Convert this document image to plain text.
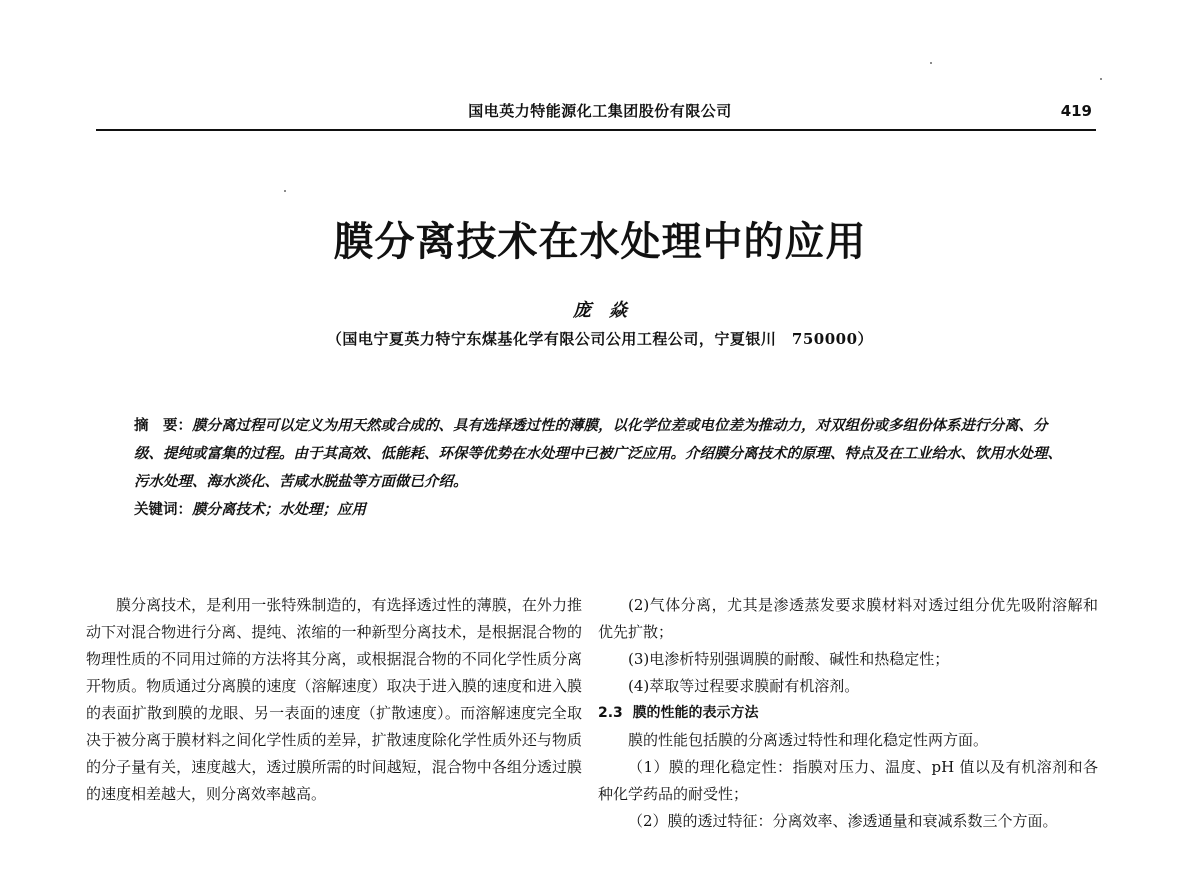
国电英力特能源化工集团股份有限公司	419
膜分离技术在水处理中的应用
庞　焱
（国电宁夏英力特宁东煤基化学有限公司公用工程公司，宁夏银川　750000）

摘　要：膜分离过程可以定义为用天然或合成的、具有选择透过性的薄膜，以化学位差或电位差为推动力，对双组份或多组份体系进行分离、分级、提纯或富集的过程。由于其高效、低能耗、环保等优势在水处理中已被广泛应用。介绍膜分离技术的原理、特点及在工业给水、饮用水处理、污水处理、海水淡化、苦咸水脱盐等方面做已介绍。

关键词：膜分离技术；水处理；应用

膜分离技术，是利用一张特殊制造的，有选择透过性的薄膜，在外力推动下对混合物进行分离、提纯、浓缩的一种新型分离技术，是根据混合物的物理性质的不同用过筛的方法将其分离，或根据混合物的不同化学性质分离开物质。物质通过分离膜的速度（溶解速度）取决于进入膜的速度和进入膜的表面扩散到膜的龙眼、另一表面的速度（扩散速度）。而溶解速度完全取决于被分离于膜材料之间化学性质的差异，扩散速度除化学性质外还与物质的分子量有关，速度越大，透过膜所需的时间越短，混合物中各组分透过膜的速度相差越大，则分离效率越高。

(2)气体分离，尤其是渗透蒸发要求膜材料对透过组分优先吸附溶解和优先扩散；

(3)电渗析特别强调膜的耐酸、碱性和热稳定性；

(4)萃取等过程要求膜耐有机溶剂。

2.3 膜的性能的表示方法

膜的性能包括膜的分离透过特性和理化稳定性两方面。

（1）膜的理化稳定性：指膜对压力、温度、pH 值以及有机溶剂和各种化学药品的耐受性；

（2）膜的透过特征：分离效率、渗透通量和衰减系数三个方面。
